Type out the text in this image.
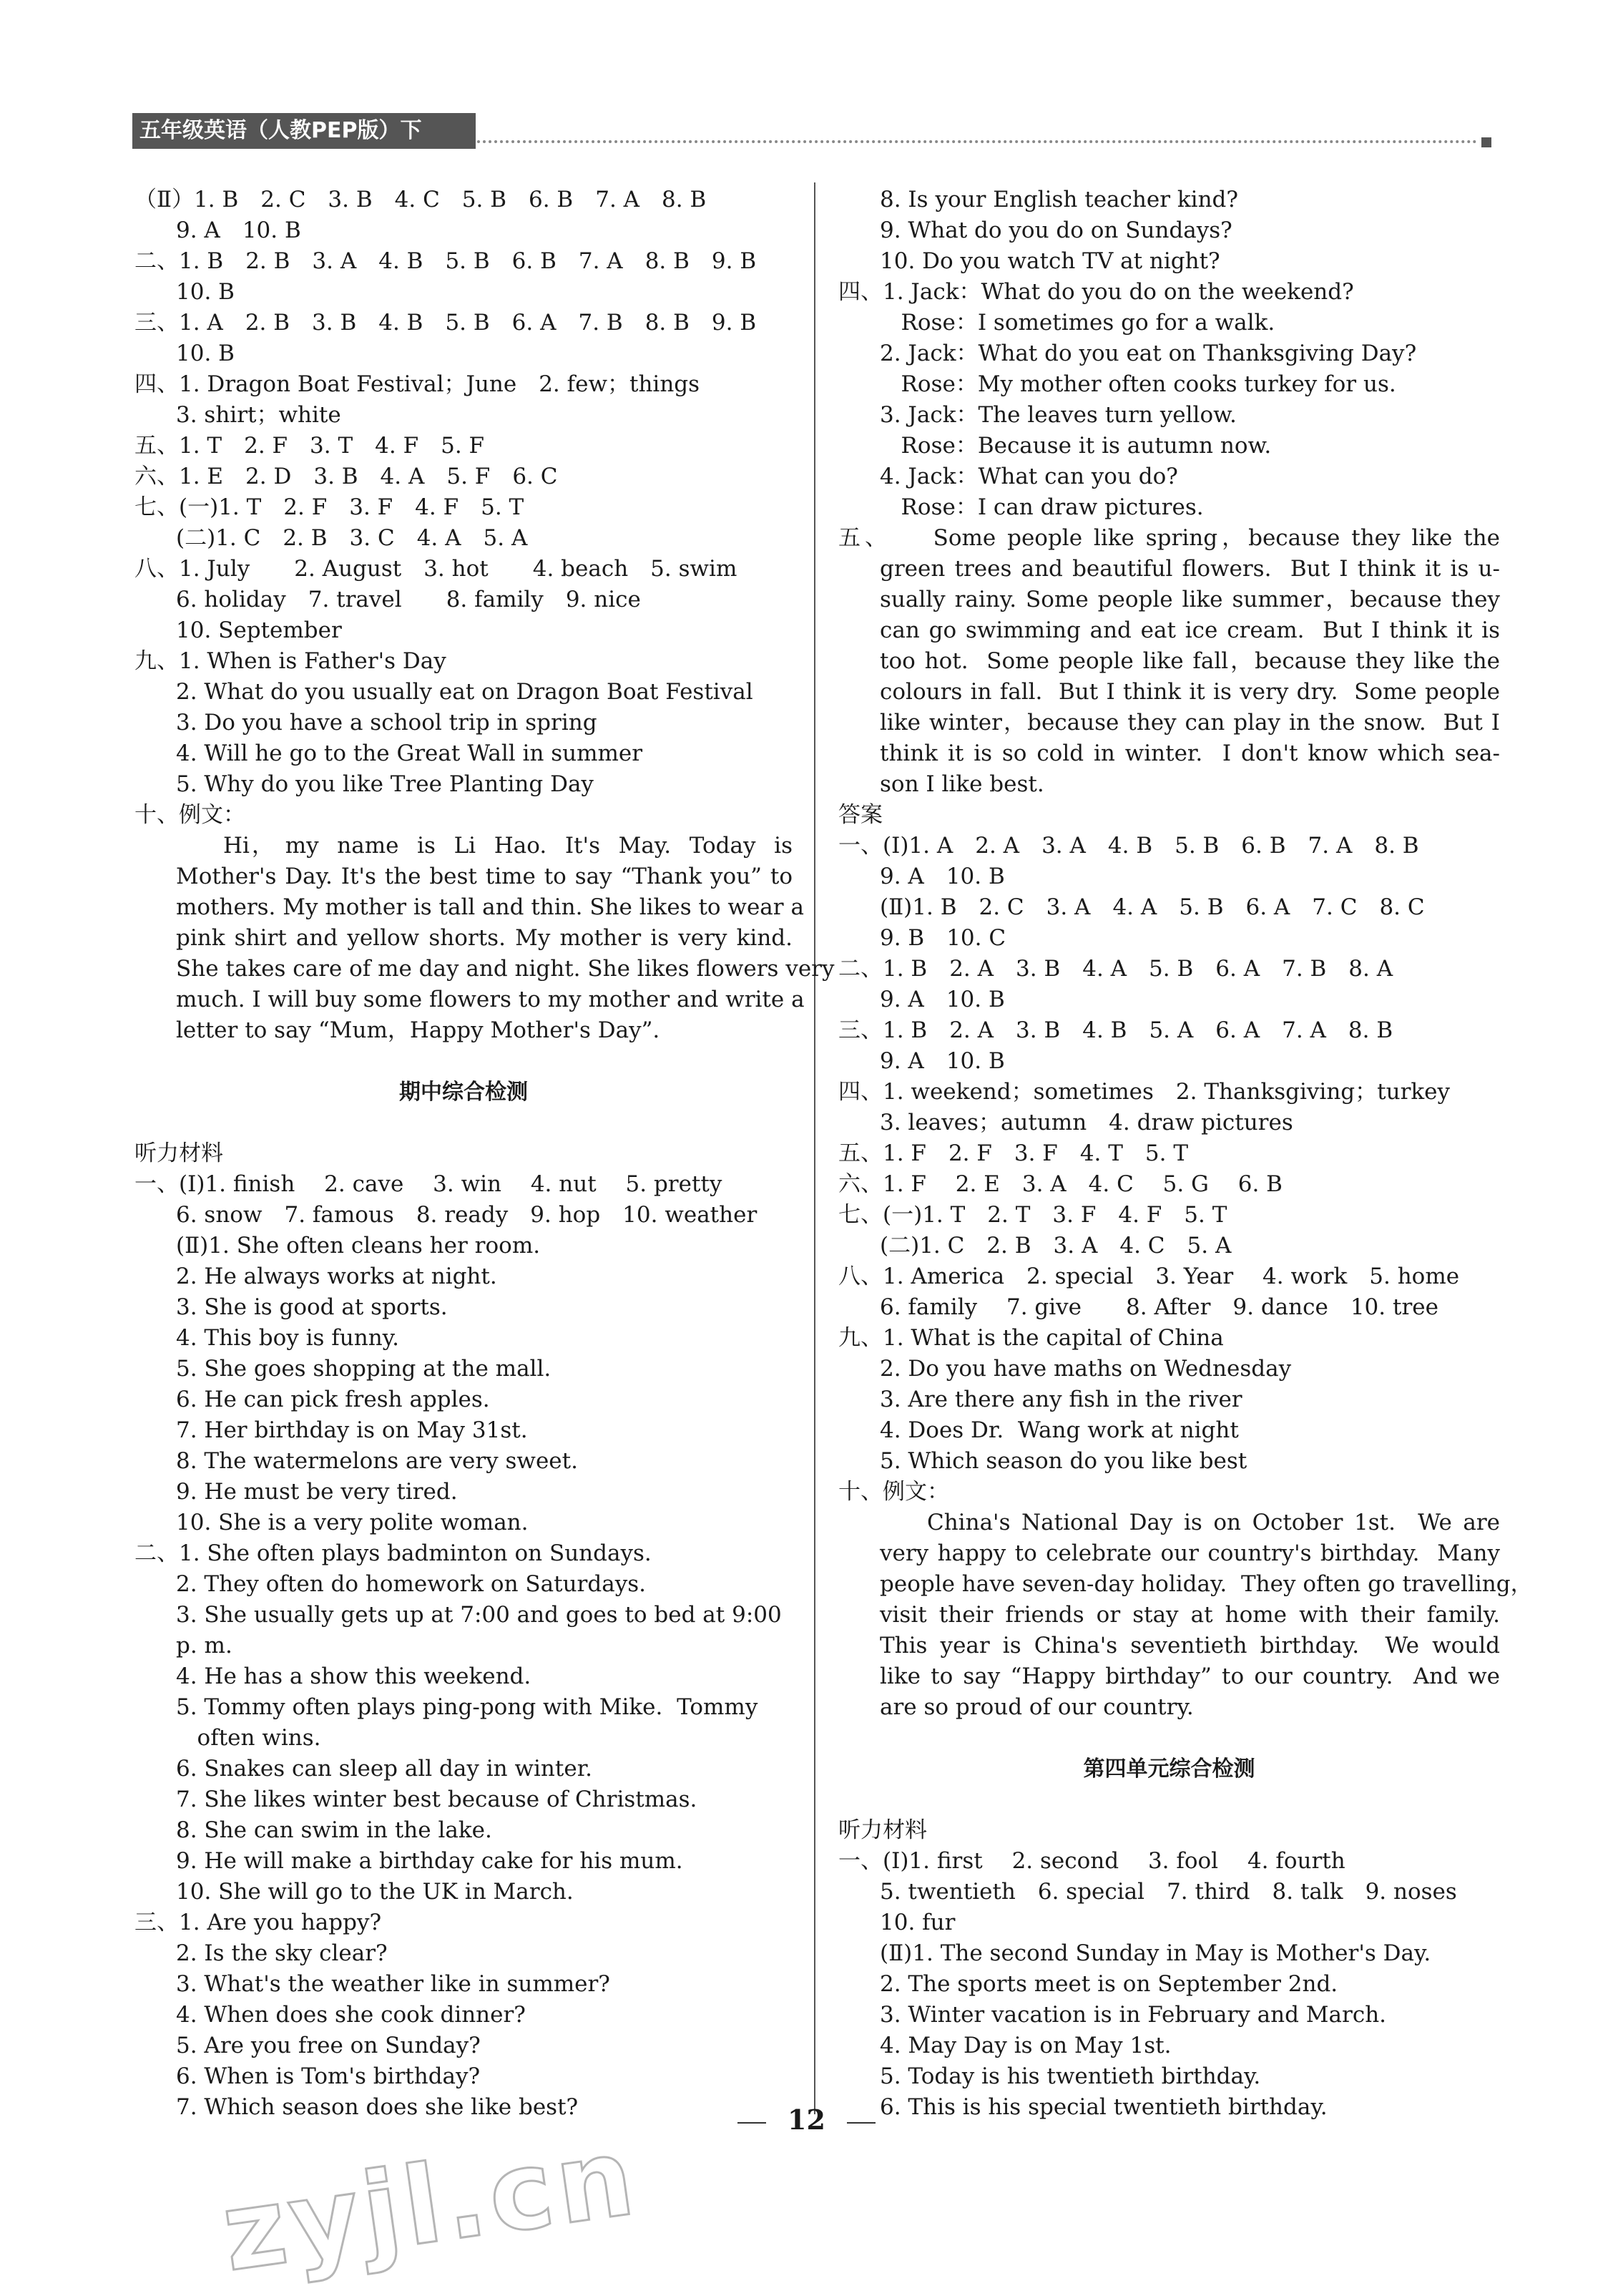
五年级英语（人教PEP版）下
（Ⅱ）1. B　2. C　3. B　4. C　5. B　6. B　7. A　8. B
9. A　10. B
二、1. B　2. B　3. A　4. B　5. B　6. B　7. A　8. B　9. B
10. B
三、1. A　2. B　3. B　4. B　5. B　6. A　7. B　8. B　9. B
10. B
四、1. Dragon Boat Festival；June　2. few；things
3. shirt；white
五、1. T　2. F　3. T　4. F　5. F
六、1. E　2. D　3. B　4. A　5. F　6. C
七、(一)1. T　2. F　3. F　4. F　5. T
(二)1. C　2. B　3. C　4. A　5. A
八、1. July　　2. August　3. hot　　4. beach　5. swim
6. holiday　7. travel　　8. family　9. nice
10. September
九、1. When is Father's Day
2. What do you usually eat on Dragon Boat Festival
3. Do you have a school trip in spring
4. Will he go to the Great Wall in summer
5. Why do you like Tree Planting Day
十、例文：
Hi， my  name  is  Li  Hao.  It's  May.  Today  is
Mother's Day. It's the best time to say “Thank you” to
mothers. My mother is tall and thin. She likes to wear a
pink shirt and yellow shorts. My mother is very kind.
She takes care of me day and night. She likes flowers very
much. I will buy some flowers to my mother and write a
letter to say “Mum，Happy Mother's Day”.
期中综合检测
听力材料
一、(Ⅰ)1. finish　 2. cave　 3. win　 4. nut　 5. pretty
6. snow　7. famous　8. ready　9. hop　10. weather
(Ⅱ)1. She often cleans her room.
2. He always works at night.
3. She is good at sports.
4. This boy is funny.
5. She goes shopping at the mall.
6. He can pick fresh apples.
7. Her birthday is on May 31st.
8. The watermelons are very sweet.
9. He must be very tired.
10. She is a very polite woman.
二、1. She often plays badminton on Sundays.
2. They often do homework on Saturdays.
3. She usually gets up at 7:00 and goes to bed at 9:00
p. m.
4. He has a show this weekend.
5. Tommy often plays ping-pong with Mike.  Tommy
often wins.
6. Snakes can sleep all day in winter.
7. She likes winter best because of Christmas.
8. She can swim in the lake.
9. He will make a birthday cake for his mum.
10. She will go to the UK in March.
三、1. Are you happy?
2. Is the sky clear?
3. What's the weather like in summer?
4. When does she cook dinner?
5. Are you free on Sunday?
6. When is Tom's birthday?
7. Which season does she like best?
8. Is your English teacher kind?
9. What do you do on Sundays?
10. Do you watch TV at night?
四、1. Jack：What do you do on the weekend?
Rose：I sometimes go for a walk.
2. Jack：What do you eat on Thanksgiving Day?
Rose：My mother often cooks turkey for us.
3. Jack：The leaves turn yellow.
Rose：Because it is autumn now.
4. Jack：What can you do?
Rose：I can draw pictures.
五、　　Some people like spring，because they like the
green trees and beautiful flowers.  But I think it is u-
sually rainy. Some people like summer，because they
can go swimming and eat ice cream.  But I think it is
too hot.  Some people like fall，because they like the
colours in fall.  But I think it is very dry.  Some people
like winter，because they can play in the snow.  But I
think it is so cold in winter.  I don't know which sea-
son I like best.
答案
一、(Ⅰ)1. A　2. A　3. A　4. B　5. B　6. B　7. A　8. B
9. A　10. B
(Ⅱ)1. B　2. C　3. A　4. A　5. B　6. A　7. C　8. C
9. B　10. C
二、1. B　2. A　3. B　4. A　5. B　6. A　7. B　8. A
9. A　10. B
三、1. B　2. A　3. B　4. B　5. A　6. A　7. A　8. B
9. A　10. B
四、1. weekend；sometimes　2. Thanksgiving；turkey
3. leaves；autumn　4. draw pictures
五、1. F　2. F　3. F　4. T　5. T
六、1. F　 2. E　3. A　4. C　 5. G　 6. B
七、(一)1. T　2. T　3. F　4. F　5. T
(二)1. C　2. B　3. A　4. C　5. A
八、1. America　2. special　3. Year　 4. work　5. home
6. family　 7. give　　8. After　9. dance　10. tree
九、1. What is the capital of China
2. Do you have maths on Wednesday
3. Are there any fish in the river
4. Does Dr.  Wang work at night
5. Which season do you like best
十、例文：
China's National Day is on October 1st.  We are
very happy to celebrate our country's birthday.  Many
people have seven-day holiday.  They often go travelling，
visit their friends or stay at home with their family.
This year is China's seventieth birthday.  We would
like to say “Happy birthday” to our country.  And we
are so proud of our country.
第四单元综合检测
听力材料
一、(Ⅰ)1. first　 2. second　 3. fool　 4. fourth
5. twentieth　6. special　7. third　8. talk　9. noses
10. fur
(Ⅱ)1. The second Sunday in May is Mother's Day.
2. The sports meet is on September 2nd.
3. Winter vacation is in February and March.
4. May Day is on May 1st.
5. Today is his twentieth birthday.
6. This is his special twentieth birthday.
12
zyjl.cn
